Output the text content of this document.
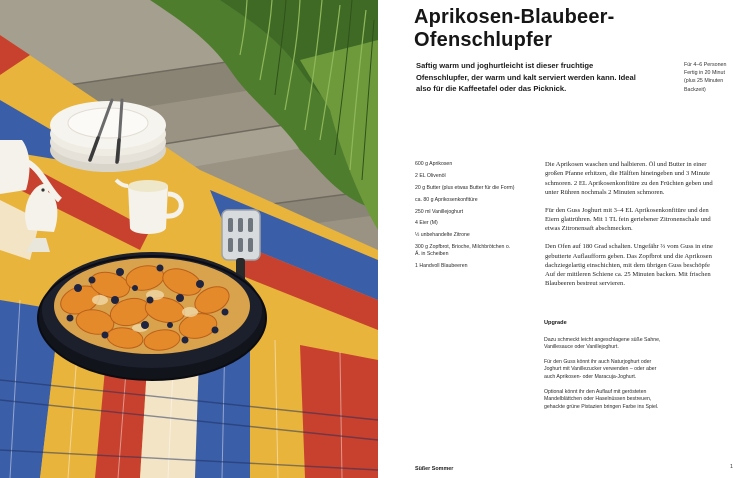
Aprikosen-Blaubeer-
Ofenschlupfer

Saftig warm und joghurtleicht ist dieser fruchtige Ofenschlupfer, der warm und kalt serviert werden kann. Ideal also für die Kaffeetafel oder das Picknick.

Für 4–6 Personen
Fertig in 20 Minut
(plus 25 Minuten
Backzeit)
600 g Aprikosen
2 EL Olivenöl
20 g Butter (plus etwas Butter für die Form)
ca. 80 g Aprikosenkonfitüre
250 ml Vanillejoghurt
4 Eier (M)
½ unbehandelte Zitrone
300 g Zopfbrot, Brioche, Milchbrötchen o. Ä. in Scheiben
1 Handvoll Blaubeeren

Die Aprikosen waschen und halbieren. Öl und Butter in einer
großen Pfanne erhitzen, die Hälften hineingeben und 3 Minute
schmoren. 2 EL Aprikosenkonfitüre zu den Früchten geben und
unter Rühren nochmals 2 Minuten schmoren.

Für den Guss Joghurt mit 3–4 EL Aprikosenkonfitüre und den
Eiern glattrühren. Mit 1 TL fein geriebener Zitronenschale und
etwas Zitronensaft abschmecken.

Den Ofen auf 180 Grad schalten. Ungefähr ⅔ vom Guss in eine
gebutterte Auflaufform geben. Das Zopfbrot und die Aprikosen
dachziegelartig einschichten, mit dem übrigen Guss beschöpfe
Auf der mittleren Schiene ca. 25 Minuten backen. Mit frischen
Blaubeeren bestreut servieren.

Upgrade

Dazu schmeckt leicht angeschlagene süße Sahne,
Vanillesauce oder Vanillejoghurt.

Für den Guss könnt ihr auch Naturjoghurt oder
Joghurt mit Vanillezucker verwenden – oder aber
auch Aprikosen- oder Maracuja-Joghurt.

Optional könnt ihr den Auflauf mit gerösteten
Mandelblättchen oder Haselnüssen bestreuen,
gehackte grüne Pistazien bringen Farbe ins Spiel.

Süßer Sommer	1
